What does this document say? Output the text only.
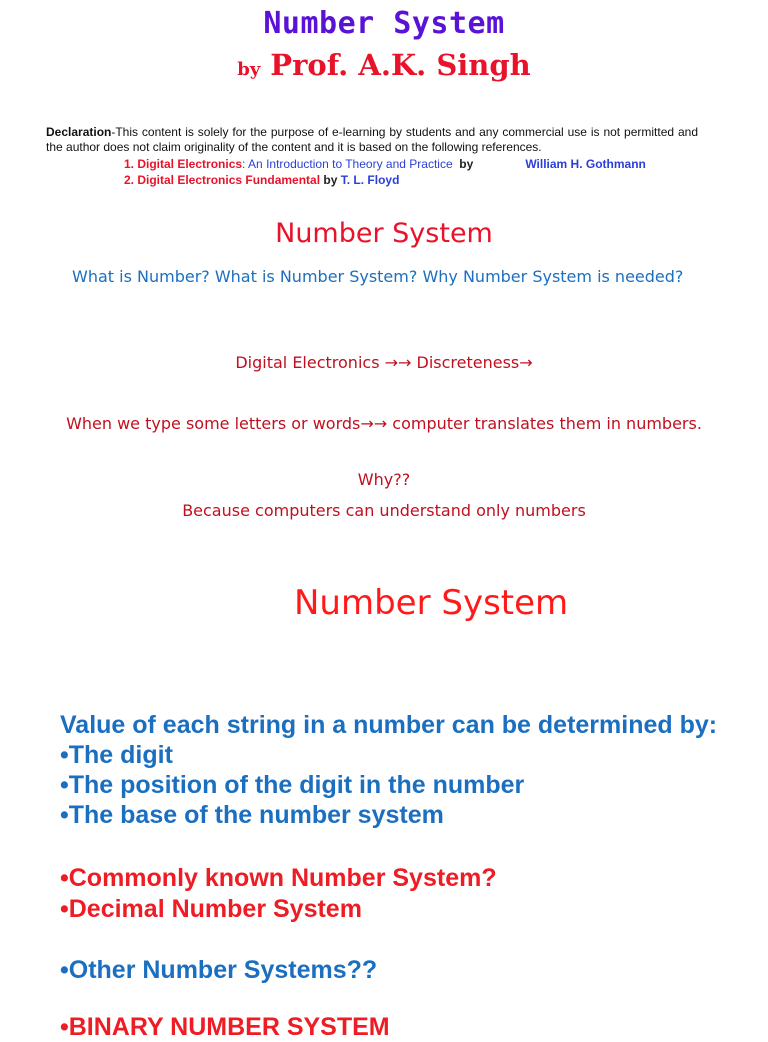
Number System
by Prof. A.K. Singh
Declaration-This content is solely for the purpose of e-learning by students and any commercial use is not permitted and the author does not claim originality of the content and it is based on the following references.
1. Digital Electronics: An Introduction to Theory and Practice by	William H. Gothmann
2. Digital Electronics Fundamental by T. L. Floyd
Number System
What is Number? What is Number System? Why Number System is needed?
Digital Electronics →→ Discreteness→
When we type some letters or words→→ computer translates them in numbers.
Why??
Because computers can understand only numbers
Number System
Value of each string in a number can be determined by:
•The digit
•The position of the digit in the number
•The base of the number system
•Commonly known Number System?
•Decimal Number System
•Other Number Systems??
•BINARY NUMBER SYSTEM
